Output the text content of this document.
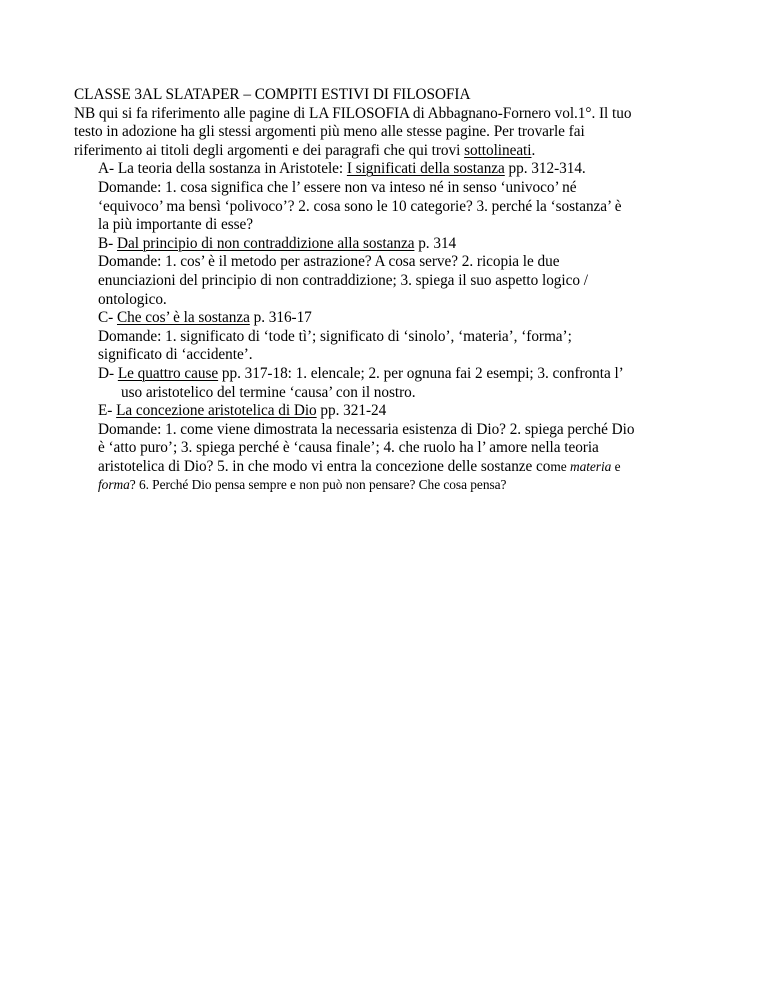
CLASSE 3AL SLATAPER – COMPITI ESTIVI DI FILOSOFIA
NB qui si fa riferimento alle pagine di LA FILOSOFIA di Abbagnano-Fornero vol.1°. Il tuo
testo in adozione ha gli stessi argomenti più meno alle stesse pagine. Per trovarle fai
riferimento ai titoli degli argomenti e dei paragrafi che qui trovi sottolineati.
A- La teoria della sostanza in Aristotele: I significati della sostanza pp. 312-314.
Domande: 1. cosa significa che l’ essere non va inteso né in senso ‘univoco’ né
‘equivoco’ ma bensì ‘polivoco’? 2. cosa sono le 10 categorie? 3. perché la ‘sostanza’ è
la più importante di esse?
B- Dal principio di non contraddizione alla sostanza p. 314
Domande: 1. cos’ è il metodo per astrazione? A cosa serve? 2. ricopia le due
enunciazioni del principio di non contraddizione; 3. spiega il suo aspetto logico /
ontologico.
C- Che cos’ è la sostanza p. 316-17
Domande: 1. significato di ‘tode tì’; significato di ‘sinolo’, ‘materia’, ‘forma’;
significato di ‘accidente’.
D- Le quattro cause pp. 317-18: 1. elencale; 2. per ognuna fai 2 esempi; 3. confronta l’
uso aristotelico del termine ‘causa’ con il nostro.
E- La concezione aristotelica di Dio pp. 321-24
Domande: 1. come viene dimostrata la necessaria esistenza di Dio? 2. spiega perché Dio
è ‘atto puro’; 3. spiega perché è ‘causa finale’; 4. che ruolo ha l’ amore nella teoria
aristotelica di Dio? 5. in che modo vi entra la concezione delle sostanze come materia e
forma? 6. Perché Dio pensa sempre e non può non pensare? Che cosa pensa?
